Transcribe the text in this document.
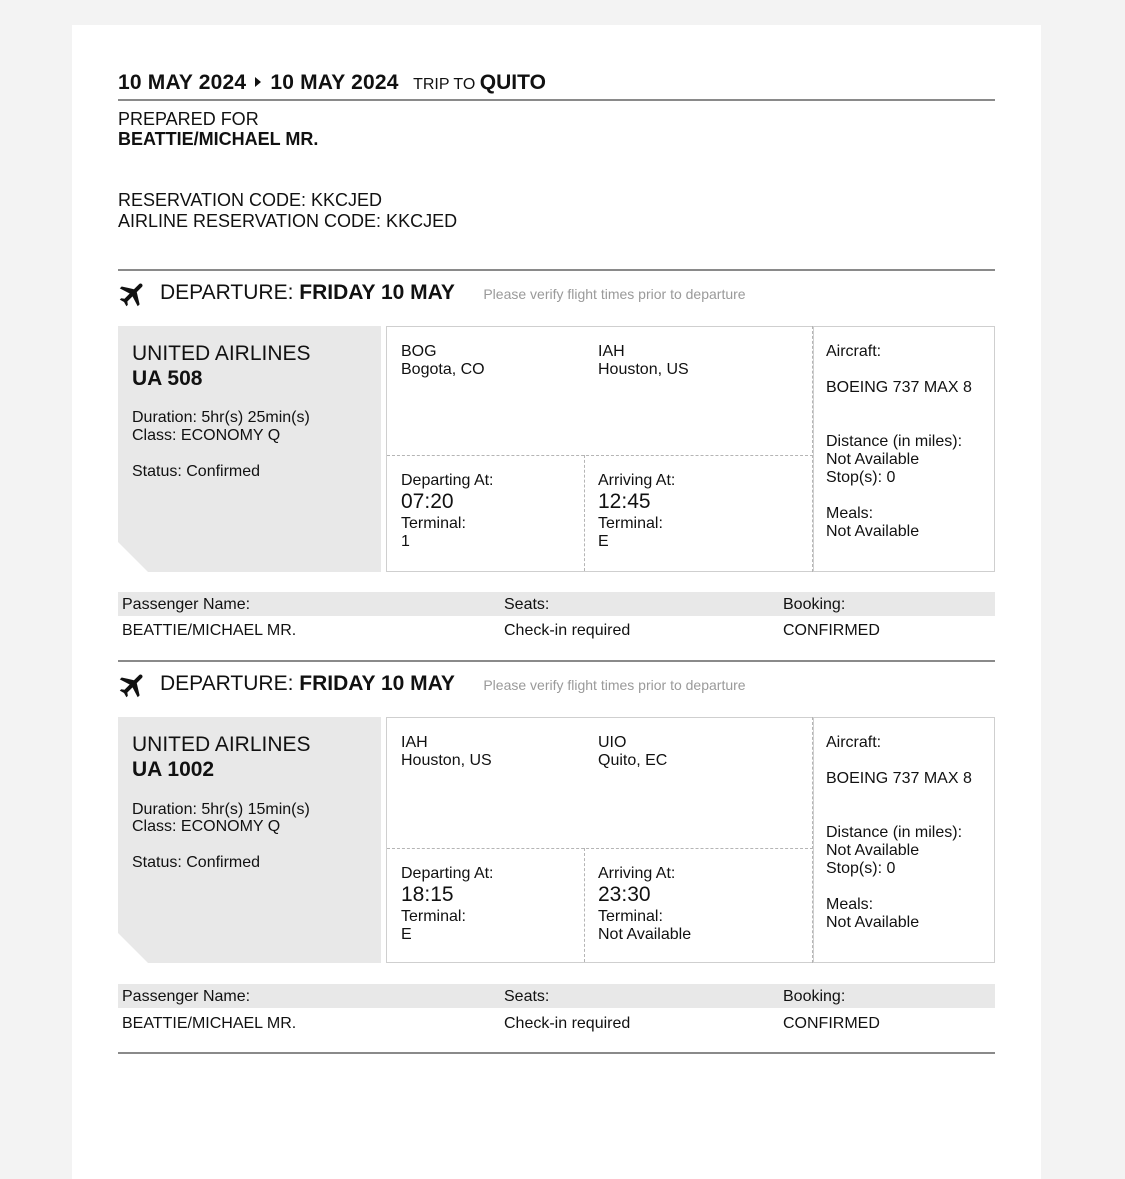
10 MAY 2024 10 MAY 2024 TRIP TO QUITO
PREPARED FOR
BEATTIE/MICHAEL MR.
RESERVATION CODE: KKCJED
AIRLINE RESERVATION CODE: KKCJED
DEPARTURE: FRIDAY 10 MAY Please verify flight times prior to departure
UNITED AIRLINES
UA 508
Duration: 5hr(s) 25min(s)
Class: ECONOMY Q
Status: Confirmed
BOG
Bogota, CO
IAH
Houston, US
Departing At:
07:20
Terminal:
1
Arriving At:
12:45
Terminal:
E
Aircraft:
BOEING 737 MAX 8
Distance (in miles):
Not Available
Stop(s): 0
Meals:
Not Available
Passenger Name:	Seats:	Booking:
BEATTIE/MICHAEL MR.	Check-in required	CONFIRMED
DEPARTURE: FRIDAY 10 MAY Please verify flight times prior to departure
UNITED AIRLINES
UA 1002
Duration: 5hr(s) 15min(s)
Class: ECONOMY Q
Status: Confirmed
IAH
Houston, US
UIO
Quito, EC
Departing At:
18:15
Terminal:
E
Arriving At:
23:30
Terminal:
Not Available
Aircraft:
BOEING 737 MAX 8
Distance (in miles):
Not Available
Stop(s): 0
Meals:
Not Available
Passenger Name:	Seats:	Booking:
BEATTIE/MICHAEL MR.	Check-in required	CONFIRMED
